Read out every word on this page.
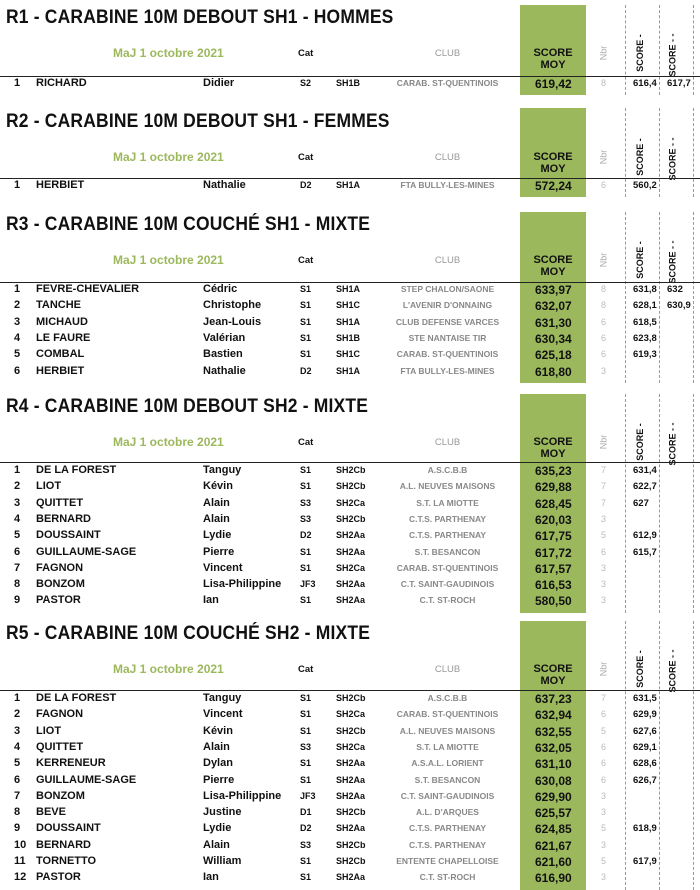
R1 - CARABINE 10M DEBOUT SH1 - HOMMES
MaJ 1 octobre 2021	Cat	CLUB	SCORE MOY
Nbr	SCORE -	SCORE - -
1 RICHARD	Didier	S2	SH1B	CARAB. ST-QUENTINOIS	619,42	8	616,4 617,7
R2 - CARABINE 10M DEBOUT SH1 - FEMMES
MaJ 1 octobre 2021	Cat	CLUB	SCORE MOY
Nbr	SCORE -	SCORE - -
1 HERBIET	Nathalie	D2	SH1A	FTA BULLY-LES-MINES	572,24	6	560,2
R3 - CARABINE 10M COUCHÉ SH1 - MIXTE
MaJ 1 octobre 2021	Cat	CLUB	SCORE MOY
Nbr	SCORE -	SCORE - -
1 FEVRE-CHEVALIER	Cédric	S1	SH1A	STEP CHALON/SAONE	633,97	8	631,8 632
2 TANCHE	Christophe	S1	SH1C	L'AVENIR D'ONNAING	632,07	8	628,1 630,9
3 MICHAUD	Jean-Louis	S1	SH1A	CLUB DEFENSE VARCES	631,30	6	618,5
4 LE FAURE	Valérian	S1	SH1B	STE NANTAISE TIR	630,34	6	623,8
5 COMBAL	Bastien	S1	SH1C	CARAB. ST-QUENTINOIS	625,18	6	619,3
6 HERBIET	Nathalie	D2	SH1A	FTA BULLY-LES-MINES	618,80	3
R4 - CARABINE 10M DEBOUT SH2 - MIXTE
MaJ 1 octobre 2021	Cat	CLUB	SCORE MOY
Nbr	SCORE -	SCORE - -
1 DE LA FOREST	Tanguy	S1	SH2Cb	A.S.C.B.B	635,23	7	631,4
2 LIOT	Kévin	S1	SH2Cb	A.L. NEUVES MAISONS	629,88	7	622,7
3 QUITTET	Alain	S3	SH2Ca	S.T. LA MIOTTE	628,45	7	627
4 BERNARD	Alain	S3	SH2Cb	C.T.S. PARTHENAY	620,03	3
5 DOUSSAINT	Lydie	D2	SH2Aa	C.T.S. PARTHENAY	617,75	5	612,9
6 GUILLAUME-SAGE	Pierre	S1	SH2Aa	S.T. BESANCON	617,72	6	615,7
7 FAGNON	Vincent	S1	SH2Ca	CARAB. ST-QUENTINOIS	617,57	3
8 BONZOM	Lisa-Philippine JF3 SH2Aa	C.T. SAINT-GAUDINOIS	616,53	3
9 PASTOR	Ian	S1	SH2Aa	C.T. ST-ROCH	580,50	3
R5 - CARABINE 10M COUCHÉ SH2 - MIXTE
MaJ 1 octobre 2021	Cat	CLUB	SCORE MOY
Nbr	SCORE -	SCORE - -
1 DE LA FOREST	Tanguy	S1	SH2Cb	A.S.C.B.B	637,23	7	631,5
2 FAGNON	Vincent	S1	SH2Ca	CARAB. ST-QUENTINOIS	632,94	6	629,9
3 LIOT	Kévin	S1	SH2Cb	A.L. NEUVES MAISONS	632,55	5	627,6
4 QUITTET	Alain	S3	SH2Ca	S.T. LA MIOTTE	632,05	6	629,1
5 KERRENEUR	Dylan	S1	SH2Aa	A.S.A.L. LORIENT	631,10	6	628,6
6 GUILLAUME-SAGE	Pierre	S1	SH2Aa	S.T. BESANCON	630,08	6	626,7
7 BONZOM	Lisa-Philippine JF3 SH2Aa	C.T. SAINT-GAUDINOIS	629,90	3
8 BEVE	Justine	D1	SH2Cb	A.L. D'ARQUES	625,57	3
9 DOUSSAINT	Lydie	D2	SH2Aa	C.T.S. PARTHENAY	624,85	5	618,9
10 BERNARD	Alain	S3	SH2Cb	C.T.S. PARTHENAY	621,67	3
11 TORNETTO	William	S1	SH2Cb	ENTENTE CHAPELLOISE	621,60	5	617,9
12 PASTOR	Ian	S1	SH2Aa	C.T. ST-ROCH	616,90	3
